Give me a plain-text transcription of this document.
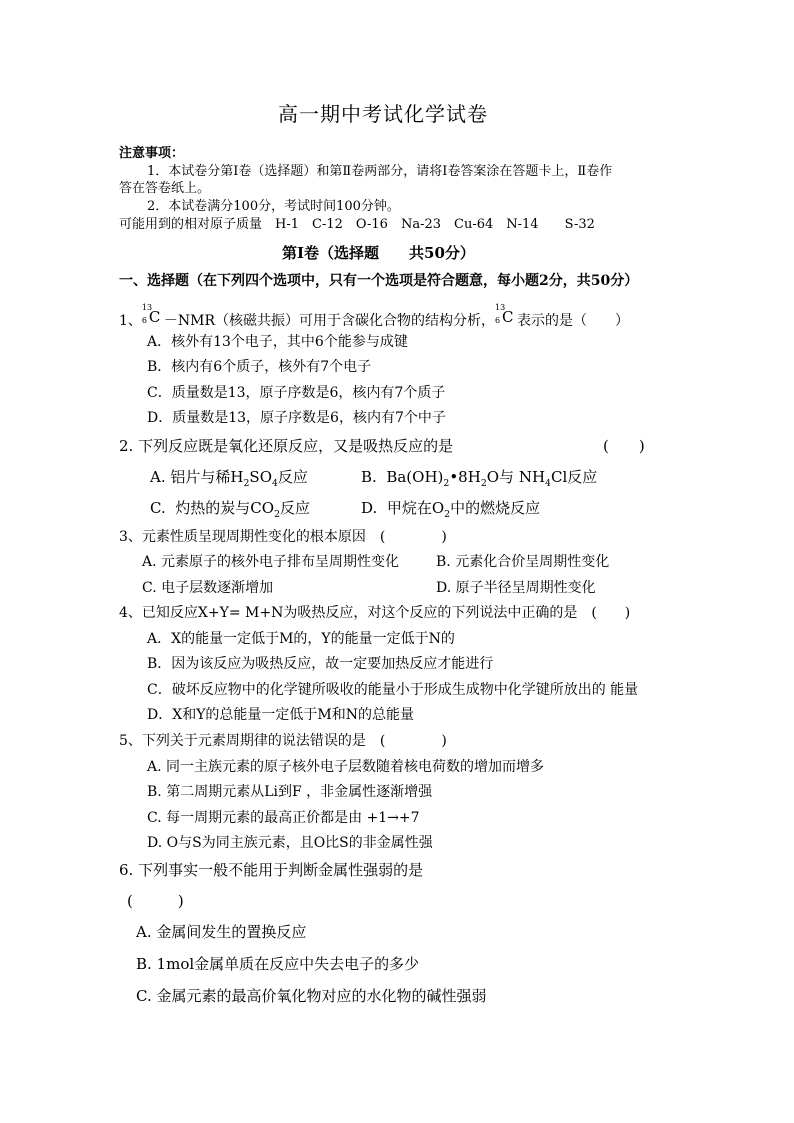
高一期中考试化学试卷
注意事项：
1．本试卷分第Ⅰ卷（选择题）和第Ⅱ卷两部分，请将Ⅰ卷答案涂在答题卡上，Ⅱ卷作
答在答卷纸上。
2．本试卷满分100分，考试时间100分钟。
可能用到的相对原子质量　H-1　C-12　O-16　Na-23　Cu-64　N-14　　S-32
第Ⅰ卷（选择题　　共50分）
一、选择题（在下列四个选项中，只有一个选项是符合题意，每小题2分，共50分）
1、
13
6 C －NMR（核磁共振）可用于含碳化合物的结构分析，
13
6 C 表示的是（　　）
A．核外有13个电子，其中6个能参与成键
B．核内有6个质子，核外有7个电子
C．质量数是13，原子序数是6，核内有7个质子
D．质量数是13，原子序数是6，核内有7个中子
2. 下列反应既是氧化还原反应，又是吸热反应的是	(　　)
A. 铝片与稀$H_2SO_4$反应	B. $Ba(OH)_2•8H_2O$与 $NH_4Cl$反应
C. 灼热的炭与$CO_2$反应	D. 甲烷在$O_2$中的燃烧反应
3、元素性质呈现周期性变化的根本原因　(　　　　)
A. 元素原子的核外电子排布呈周期性变化	B. 元素化合价呈周期性变化
C. 电子层数逐渐增加	D. 原子半径呈周期性变化
4、已知反应X+Y= M+N为吸热反应，对这个反应的下列说法中正确的是　(　　)
A．X的能量一定低于M的，Y的能量一定低于N的
B．因为该反应为吸热反应，故一定要加热反应才能进行
C．破坏反应物中的化学键所吸收的能量小于形成生成物中化学键所放出的 能量
D．X和Y的总能量一定低于M和N的总能量
5、下列关于元素周期律的说法错误的是　(　　　　)
A. 同一主族元素的原子核外电子层数随着核电荷数的增加而增多
B. 第二周期元素从Li到F ，非金属性逐渐增强
C. 每一周期元素的最高正价都是由 +1→+7
D. O与S为同主族元素，且O比S的非金属性强
6. 下列事实一般不能用于判断金属性强弱的是
(　　　)
A. 金属间发生的置换反应
B. 1mol金属单质在反应中失去电子的多少
C. 金属元素的最高价氧化物对应的水化物的碱性强弱
